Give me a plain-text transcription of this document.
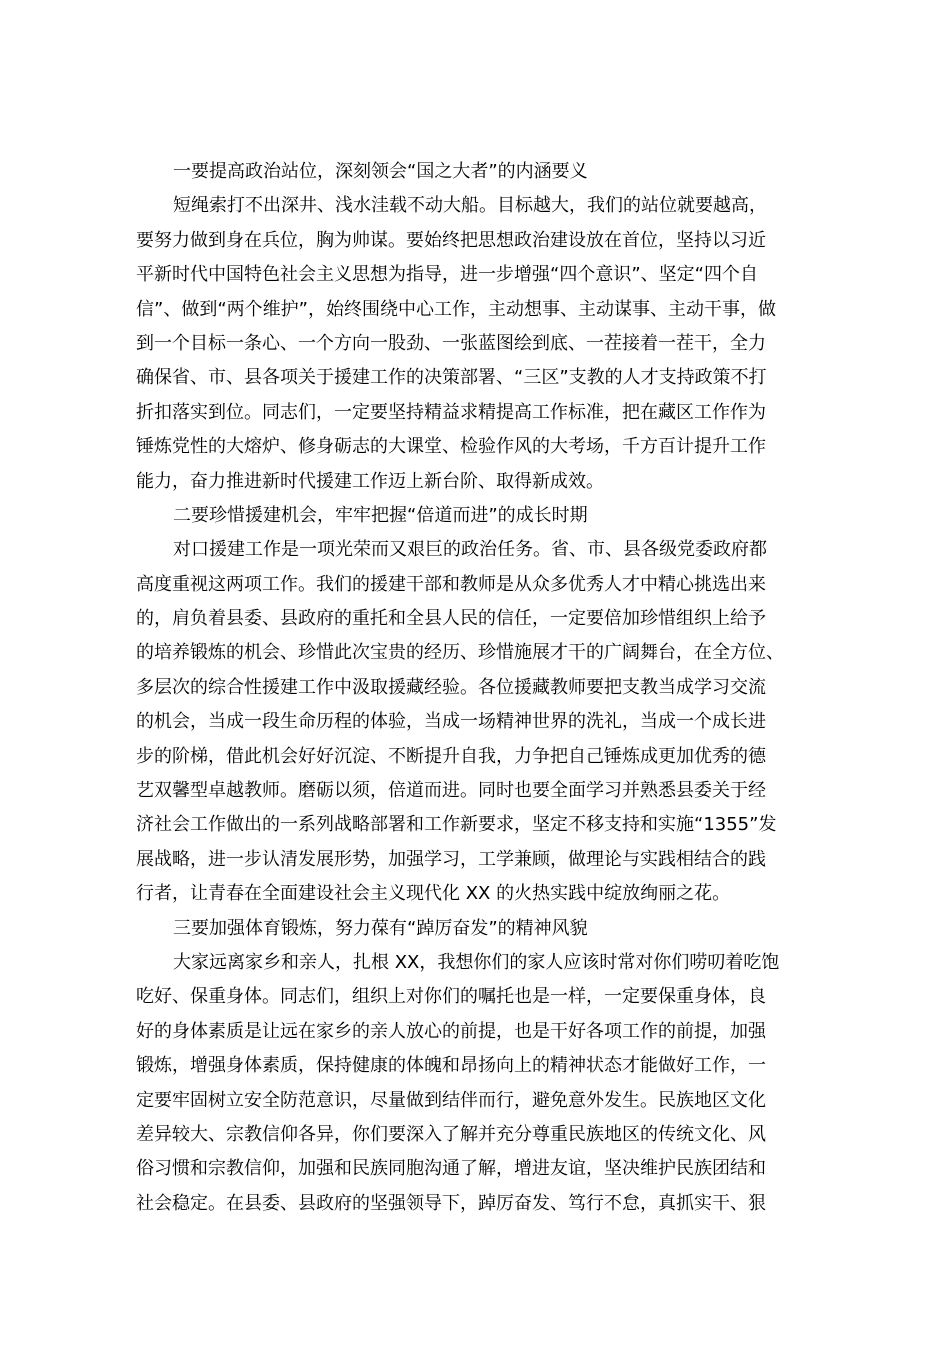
一要提高政治站位，深刻领会“国之大者”的内涵要义
短绳索打不出深井、浅水洼载不动大船。目标越大，我们的站位就要越高，
要努力做到身在兵位，胸为帅谋。要始终把思想政治建设放在首位，坚持以习近
平新时代中国特色社会主义思想为指导，进一步增强“四个意识”、坚定“四个自
信”、做到“两个维护”，始终围绕中心工作，主动想事、主动谋事、主动干事，做
到一个目标一条心、一个方向一股劲、一张蓝图绘到底、一茬接着一茬干，全力
确保省、市、县各项关于援建工作的决策部署、“三区”支教的人才支持政策不打
折扣落实到位。同志们，一定要坚持精益求精提高工作标准，把在藏区工作作为
锤炼党性的大熔炉、修身砺志的大课堂、检验作风的大考场，千方百计提升工作
能力，奋力推进新时代援建工作迈上新台阶、取得新成效。
二要珍惜援建机会，牢牢把握“倍道而进”的成长时期
对口援建工作是一项光荣而又艰巨的政治任务。省、市、县各级党委政府都
高度重视这两项工作。我们的援建干部和教师是从众多优秀人才中精心挑选出来
的，肩负着县委、县政府的重托和全县人民的信任，一定要倍加珍惜组织上给予
的培养锻炼的机会、珍惜此次宝贵的经历、珍惜施展才干的广阔舞台，在全方位、
多层次的综合性援建工作中汲取援藏经验。各位援藏教师要把支教当成学习交流
的机会，当成一段生命历程的体验，当成一场精神世界的洗礼，当成一个成长进
步的阶梯，借此机会好好沉淀、不断提升自我，力争把自己锤炼成更加优秀的德
艺双馨型卓越教师。磨砺以须，倍道而进。同时也要全面学习并熟悉县委关于经
济社会工作做出的一系列战略部署和工作新要求，坚定不移支持和实施“1355”发
展战略，进一步认清发展形势，加强学习，工学兼顾，做理论与实践相结合的践
行者，让青春在全面建设社会主义现代化 XX 的火热实践中绽放绚丽之花。
三要加强体育锻炼，努力葆有“踔厉奋发”的精神风貌
大家远离家乡和亲人，扎根 XX，我想你们的家人应该时常对你们唠叨着吃饱
吃好、保重身体。同志们，组织上对你们的嘱托也是一样，一定要保重身体，良
好的身体素质是让远在家乡的亲人放心的前提，也是干好各项工作的前提，加强
锻炼，增强身体素质，保持健康的体魄和昂扬向上的精神状态才能做好工作，一
定要牢固树立安全防范意识，尽量做到结伴而行，避免意外发生。民族地区文化
差异较大、宗教信仰各异，你们要深入了解并充分尊重民族地区的传统文化、风
俗习惯和宗教信仰，加强和民族同胞沟通了解，增进友谊，坚决维护民族团结和
社会稳定。在县委、县政府的坚强领导下，踔厉奋发、笃行不怠，真抓实干、狠
